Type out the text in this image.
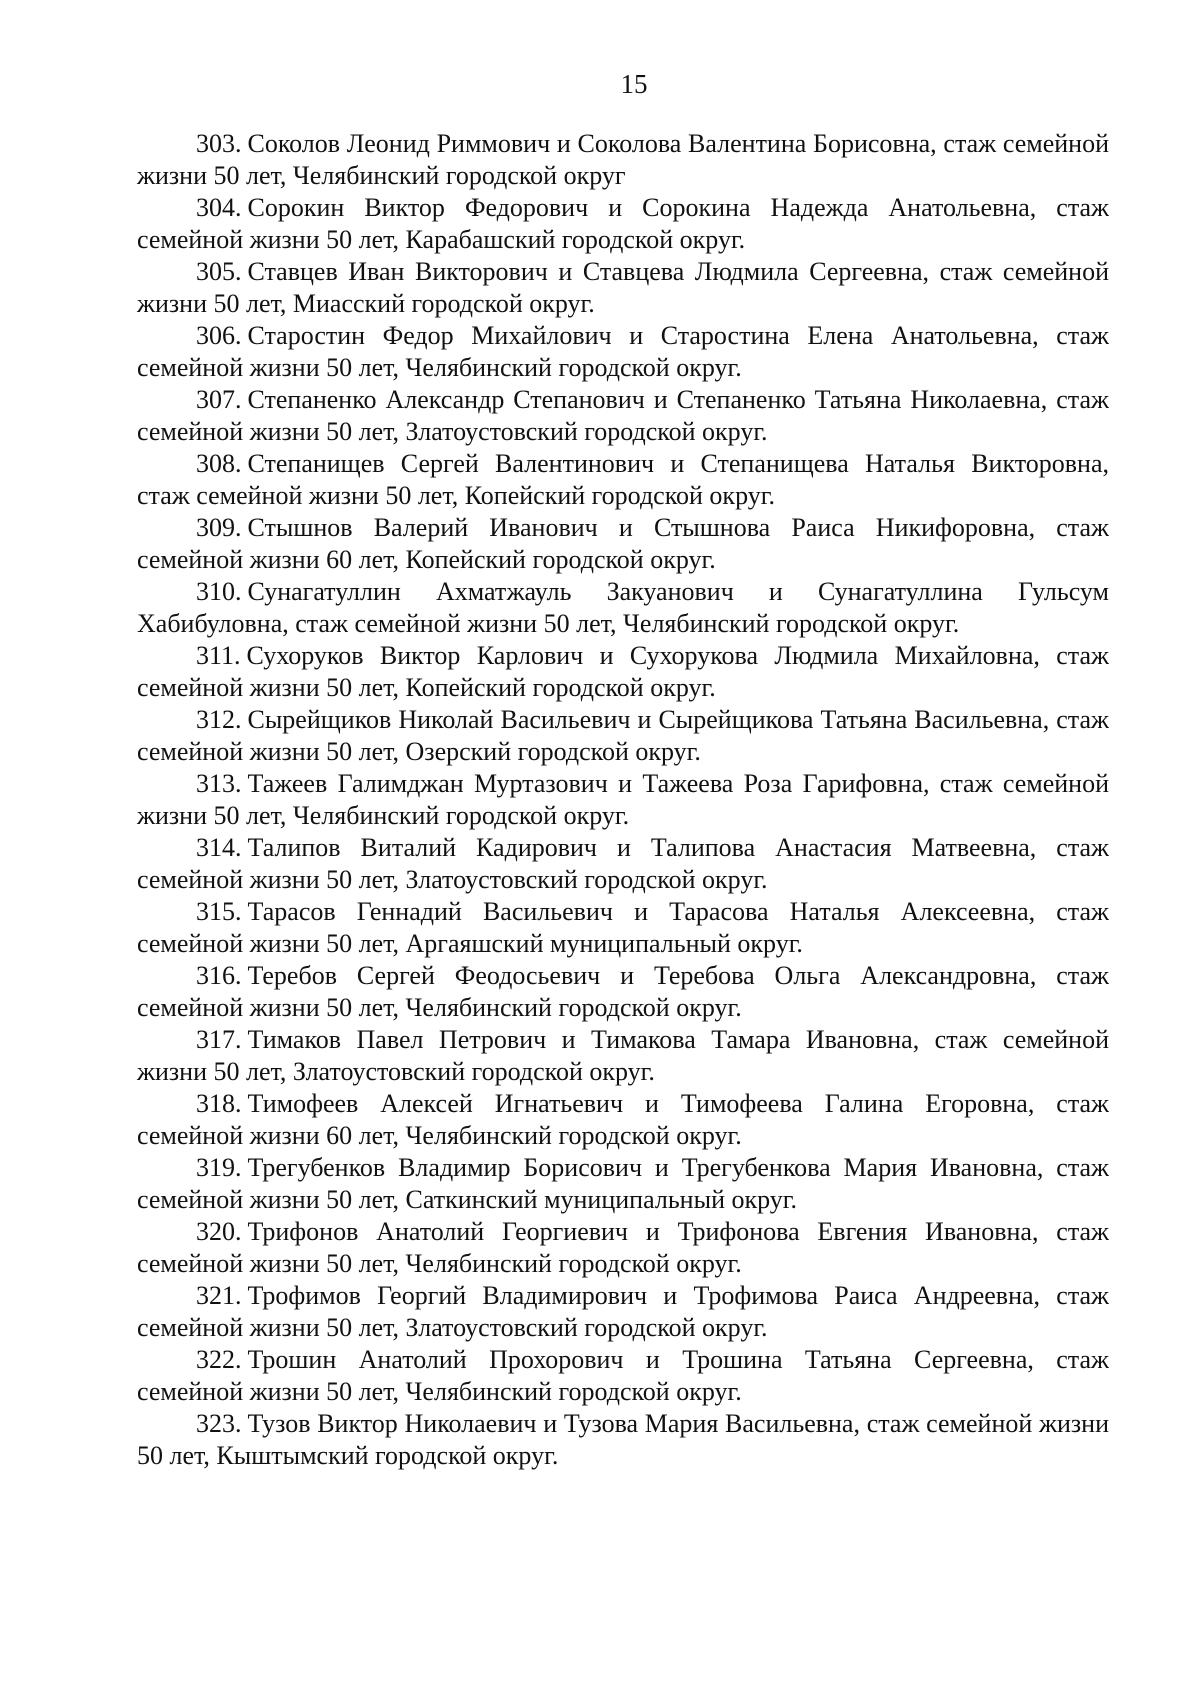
15

303. Соколов Леонид Риммович и Соколова Валентина Борисовна, стаж семейной жизни 50 лет, Челябинский городской округ

304. Сорокин Виктор Федорович и Сорокина Надежда Анатольевна, стаж семейной жизни 50 лет, Карабашский городской округ.

305. Ставцев Иван Викторович и Ставцева Людмила Сергеевна, стаж семейной жизни 50 лет, Миасский городской округ.

306. Старостин Федор Михайлович и Старостина Елена Анатольевна, стаж семейной жизни 50 лет, Челябинский городской округ.

307. Степаненко Александр Степанович и Степаненко Татьяна Николаевна, стаж семейной жизни 50 лет, Златоустовский городской округ.

308. Степанищев Сергей Валентинович и Степанищева Наталья Викторовна, стаж семейной жизни 50 лет, Копейский городской округ.

309. Стышнов Валерий Иванович и Стышнова Раиса Никифоровна, стаж семейной жизни 60 лет, Копейский городской округ.

310. Сунагатуллин Ахматжауль Закуанович и Сунагатуллина Гульсум Хабибуловна, стаж семейной жизни 50 лет, Челябинский городской округ.

311. Сухоруков Виктор Карлович и Сухорукова Людмила Михайловна, стаж семейной жизни 50 лет, Копейский городской округ.

312. Сырейщиков Николай Васильевич и Сырейщикова Татьяна Васильевна, стаж семейной жизни 50 лет, Озерский городской округ.

313. Тажеев Галимджан Муртазович и Тажеева Роза Гарифовна, стаж семейной жизни 50 лет, Челябинский городской округ.

314. Талипов Виталий Кадирович и Талипова Анастасия Матвеевна, стаж семейной жизни 50 лет, Златоустовский городской округ.

315. Тарасов Геннадий Васильевич и Тарасова Наталья Алексеевна, стаж семейной жизни 50 лет, Аргаяшский муниципальный округ.

316. Теребов Сергей Феодосьевич и Теребова Ольга Александровна, стаж семейной жизни 50 лет, Челябинский городской округ.

317. Тимаков Павел Петрович и Тимакова Тамара Ивановна, стаж семейной жизни 50 лет, Златоустовский городской округ.

318. Тимофеев Алексей Игнатьевич и Тимофеева Галина Егоровна, стаж семейной жизни 60 лет, Челябинский городской округ.

319. Трегубенков Владимир Борисович и Трегубенкова Мария Ивановна, стаж семейной жизни 50 лет, Саткинский муниципальный округ.

320. Трифонов Анатолий Георгиевич и Трифонова Евгения Ивановна, стаж семейной жизни 50 лет, Челябинский городской округ.

321. Трофимов Георгий Владимирович и Трофимова Раиса Андреевна, стаж семейной жизни 50 лет, Златоустовский городской округ.

322. Трошин Анатолий Прохорович и Трошина Татьяна Сергеевна, стаж семейной жизни 50 лет, Челябинский городской округ.

323. Тузов Виктор Николаевич и Тузова Мария Васильевна, стаж семейной жизни 50 лет, Кыштымский городской округ.
